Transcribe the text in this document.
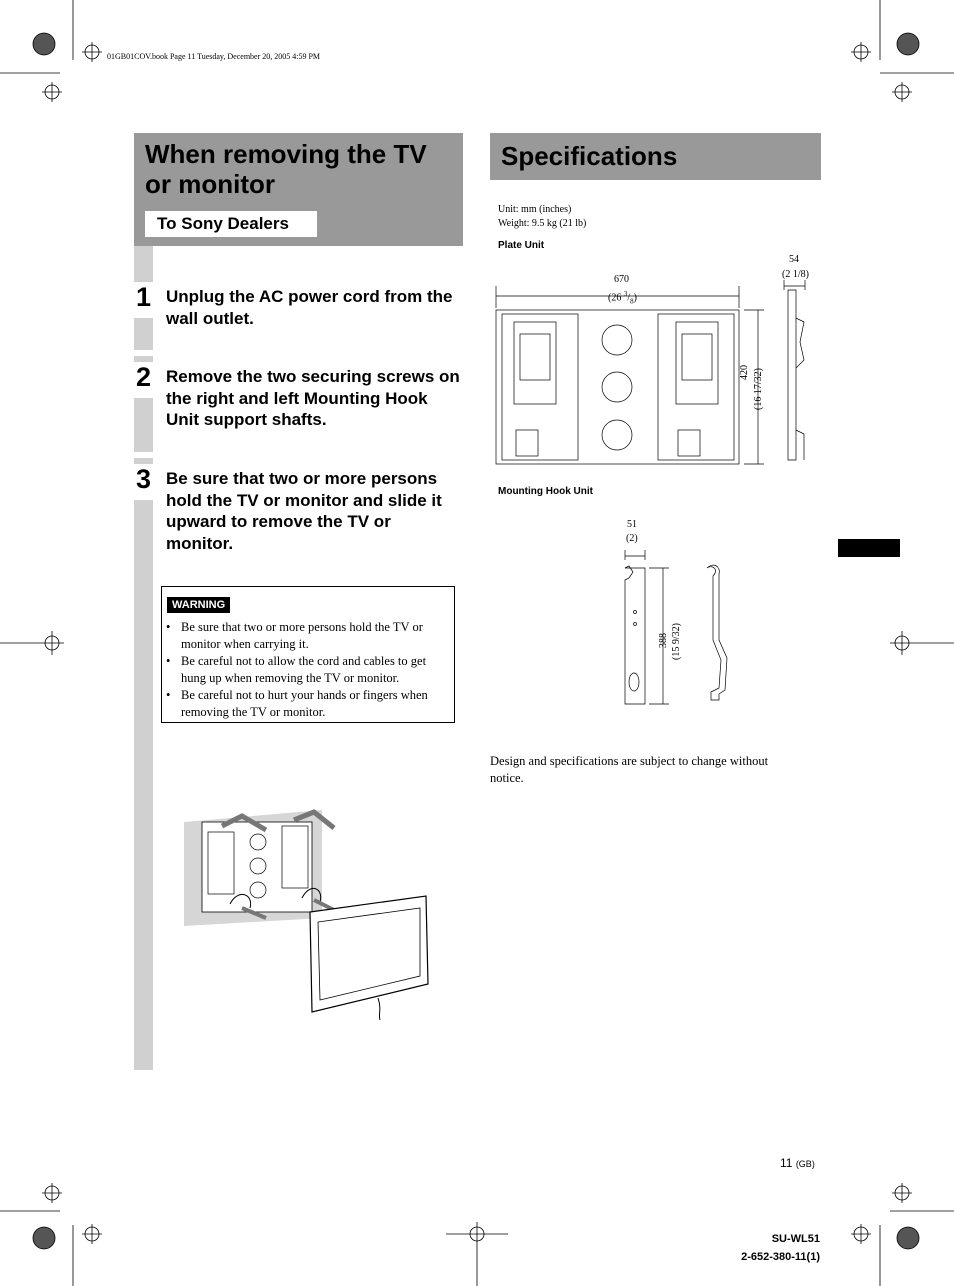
01GB01COV.book Page 11 Tuesday, December 20, 2005 4:59 PM
When removing the TV or monitor
To Sony Dealers
1 Unplug the AC power cord from the wall outlet.
2 Remove the two securing screws on the right and left Mounting Hook Unit support shafts.
3 Be sure that two or more persons hold the TV or monitor and slide it upward to remove the TV or monitor.
WARNING
• Be sure that two or more persons hold the TV or monitor when carrying it.
• Be careful not to allow the cord and cables to get hung up when removing the TV or monitor.
• Be careful not to hurt your hands or fingers when removing the TV or monitor.
Specifications
Unit: mm (inches)
Weight: 9.5 kg (21 lb)
Plate Unit
670
(26 $^3/_8$)
54
(2 1/8)
420 (16 17/32)
Mounting Hook Unit
51
(2)
388 (15 9/32)
Design and specifications are subject to change without notice.
11 (GB)
SU-WL51
2-652-380-11(1)
